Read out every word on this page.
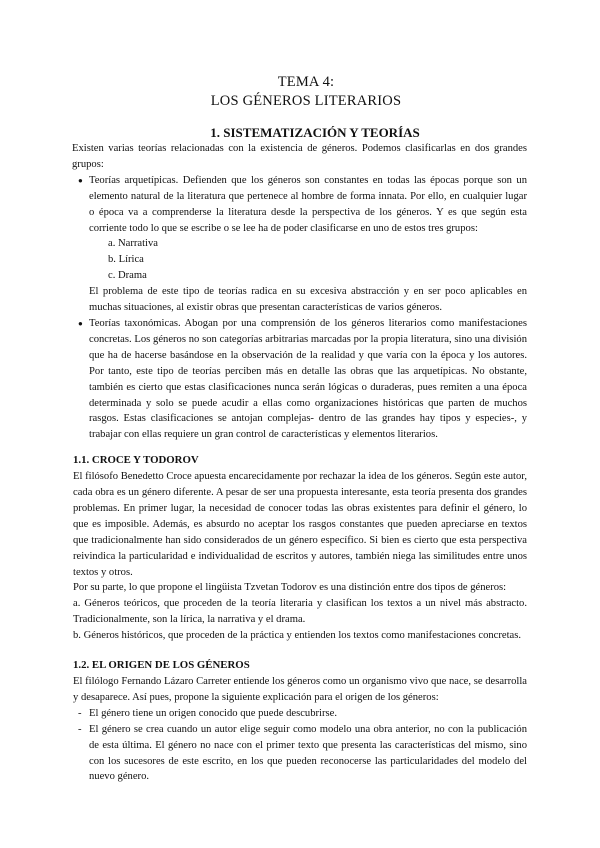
TEMA 4:

LOS GÉNEROS LITERARIOS

1. SISTEMATIZACIÓN Y TEORÍAS

Existen varias teorías relacionadas con la existencia de géneros. Podemos clasificarlas en dos grandes grupos:

● Teorías arquetípicas. Defienden que los géneros son constantes en todas las épocas porque son un elemento natural de la literatura que pertenece al hombre de forma innata. Por ello, en cualquier lugar o época va a comprenderse la literatura desde la perspectiva de los géneros. Y es que según esta corriente todo lo que se escribe o se lee ha de poder clasificarse en uno de estos tres grupos:

a. Narrativa
b. Lírica
c. Drama

El problema de este tipo de teorías radica en su excesiva abstracción y en ser poco aplicables en muchas situaciones, al existir obras que presentan características de varios géneros.

● Teorías taxonómicas. Abogan por una comprensión de los géneros literarios como manifestaciones concretas. Los géneros no son categorías arbitrarias marcadas por la propia literatura, sino una división que ha de hacerse basándose en la observación de la realidad y que varía con la época y los autores. Por tanto, este tipo de teorías perciben más en detalle las obras que las arquetípicas. No obstante, también es cierto que estas clasificaciones nunca serán lógicas o duraderas, pues remiten a una época determinada y solo se puede acudir a ellas como organizaciones históricas que parten de muchos rasgos. Estas clasificaciones se antojan complejas- dentro de las grandes hay tipos y especies-, y trabajar con ellas requiere un gran control de características y elementos literarios.

1.1. CROCE Y TODOROV

El filósofo Benedetto Croce apuesta encarecidamente por rechazar la idea de los géneros. Según este autor, cada obra es un género diferente. A pesar de ser una propuesta interesante, esta teoría presenta dos grandes problemas. En primer lugar, la necesidad de conocer todas las obras existentes para definir el género, lo que es imposible. Además, es absurdo no aceptar los rasgos constantes que pueden apreciarse en textos que tradicionalmente han sido considerados de un género específico. Si bien es cierto que esta perspectiva reivindica la particularidad e individualidad de escritos y autores, también niega las similitudes entre unos textos y otros.

Por su parte, lo que propone el lingüista Tzvetan Todorov es una distinción entre dos tipos de géneros:

a. Géneros teóricos, que proceden de la teoría literaria y clasifican los textos a un nivel más abstracto. Tradicionalmente, son la lírica, la narrativa y el drama.
b. Géneros históricos, que proceden de la práctica y entienden los textos como manifestaciones concretas.

1.2. EL ORIGEN DE LOS GÉNEROS

El filólogo Fernando Lázaro Carreter entiende los géneros como un organismo vivo que nace, se desarrolla y desaparece. Así pues, propone la siguiente explicación para el origen de los géneros:

- El género tiene un origen conocido que puede descubrirse.
- El género se crea cuando un autor elige seguir como modelo una obra anterior, no con la publicación de esta última. El género no nace con el primer texto que presenta las características del mismo, sino con los sucesores de este escrito, en los que pueden reconocerse las particularidades del modelo del nuevo género.
